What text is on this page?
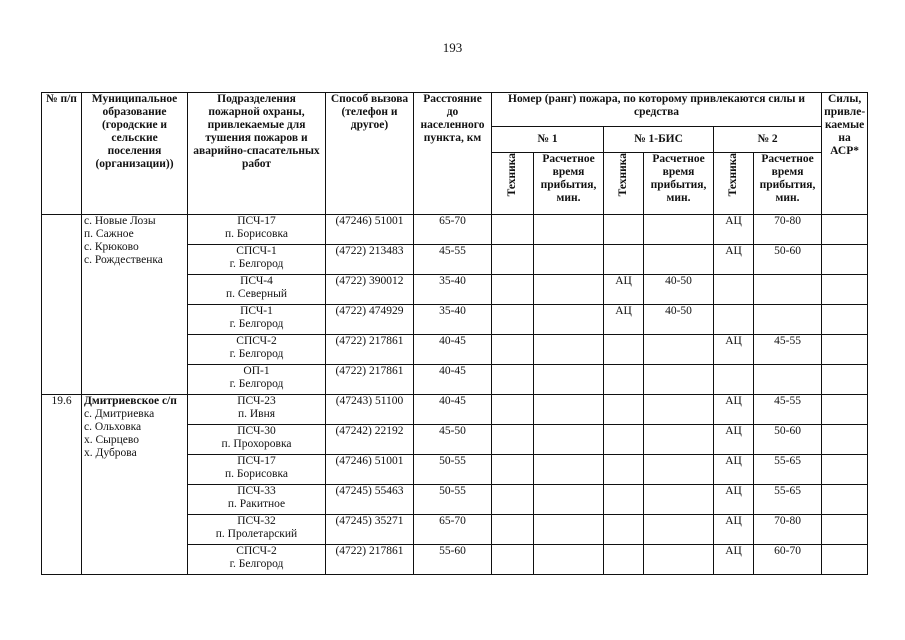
193
№ п/п	Муниципальное образование (городские и сельские поселения (организации))	Подразделения пожарной охраны, привлекаемые для тушения пожаров и аварийно-спасательных работ	Способ вызова (телефон и другое)	Расстояние до населенного пункта, км	Номер (ранг) пожара, по которому привлекаются силы и средства						Силы, привле-каемые на АСР*
					№ 1		№ 1-БИС		№ 2		
					Техника	Расчетное время прибытия, мин.	Техника	Расчетное время прибытия, мин.	Техника	Расчетное время прибытия, мин.	

	с. Новые Лозы
п. Сажное
с. Крюково
с. Рождественка	ПСЧ-17
п. Борисовка	(47246) 51001	65-70					АЦ	70-80	

		СПСЧ-1
г. Белгород	(4722) 213483	45-55					АЦ	50-60	

		ПСЧ-4
п. Северный	(4722) 390012	35-40			АЦ	40-50			

		ПСЧ-1
г. Белгород	(4722) 474929	35-40			АЦ	40-50			

		СПСЧ-2
г. Белгород	(4722) 217861	40-45					АЦ	45-55	

		ОП-1
г. Белгород	(4722) 217861	40-45							
19.6	Дмитриевское с/п
с. Дмитриевка
с. Ольховка
х. Сырцево
х. Дуброва	ПСЧ-23
п. Ивня	(47243) 51100	40-45					АЦ	45-55	

		ПСЧ-30
п. Прохоровка	(47242) 22192	45-50					АЦ	50-60	

		ПСЧ-17
п. Борисовка	(47246) 51001	50-55					АЦ	55-65	

		ПСЧ-33
п. Ракитное	(47245) 55463	50-55					АЦ	55-65	

		ПСЧ-32
п. Пролетарский	(47245) 35271	65-70					АЦ	70-80	

		СПСЧ-2
г. Белгород	(4722) 217861	55-60					АЦ	60-70	
